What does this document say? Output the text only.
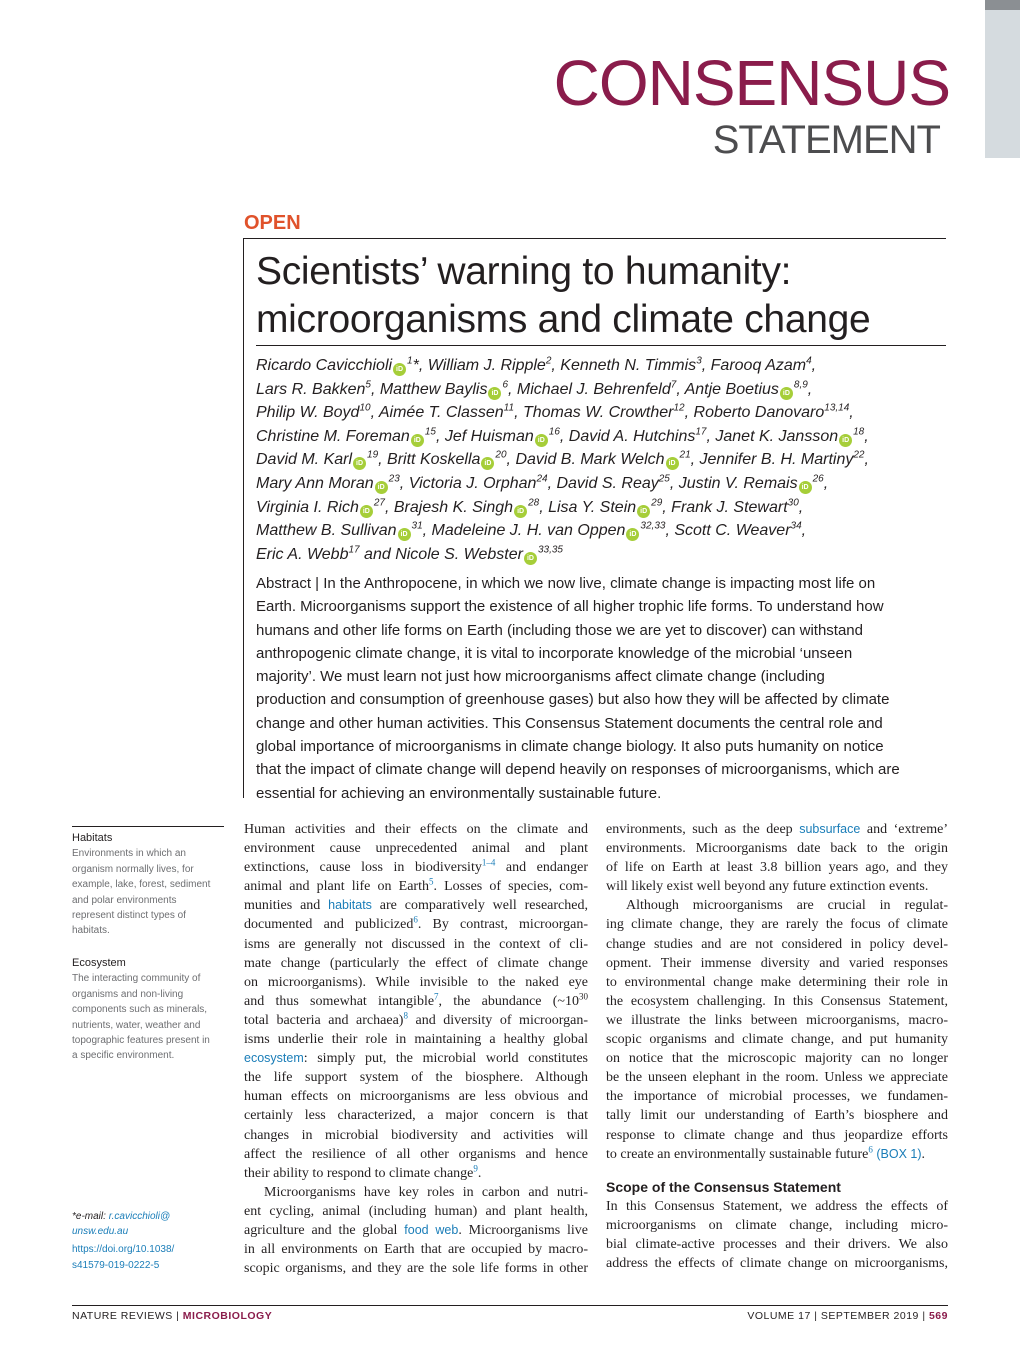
CONSENSUS
STATEMENT
OPEN
Scientists’ warning to humanity:
microorganisms and climate change
Ricardo Cavicchioli $iD^1*$, William J. Ripple$^2$, Kenneth N. Timmis$^3$, Farooq Azam$^4$,
Lars R. Bakken$^5$, Matthew Baylis $iD^6$, Michael J. Behrenfeld$^7$, Antje Boetius iD$^{8,9}$,
Philip W. Boyd$^{10}$, Aimée T. Classen$^{11}$, Thomas W. Crowther$^{12}$, Roberto Danovaro$^{13,14}$,
Christine M. Foreman $iD^{15}$, Jef Huisman $iD^{16}$, David A. Hutchins$^{17}$, Janet K. Jansson $iD^{18}$,
David M. Karl $iD^{19}$, Britt Koskella $iD^{20}$, David B. Mark Welch $iD^{21}$, Jennifer B. H. Martiny$^{22}$,
Mary Ann Moran $iD^{23}$, Victoria J. Orphan$^{24}$, David S. Reay$^{25}$, Justin V. Remais $iD^{26}$,
Virginia I. Rich $iD^{27}$, Brajesh K. Singh $iD^{28}$, Lisa Y. Stein $iD^{29}$, Frank J. Stewart$^{30}$,
Matthew B. Sullivan $iD^{31}$, Madeleine J. H. van Oppen iD$^{32,33}$, Scott C. Weaver$^{34}$,
Eric A. Webb$^{17}$ and Nicole S. Webster iD$^{33,35}$
Abstract | In the Anthropocene, in which we now live, climate change is impacting most life on
Earth. Microorganisms support the existence of all higher trophic life forms. To understand how
humans and other life forms on Earth (including those we are yet to discover) can withstand
anthropogenic climate change, it is vital to incorporate knowledge of the microbial ‘unseen
majority’. We must learn not just how microorganisms affect climate change (including
production and consumption of greenhouse gases) but also how they will be affected by climate
change and other human activities. This Consensus Statement documents the central role and
global importance of microorganisms in climate change biology. It also puts humanity on notice
that the impact of climate change will depend heavily on responses of microorganisms, which are
essential for achieving an environmentally sustainable future.
Habitats
Environments in which an
organism normally lives, for
example, lake, forest, sediment
and polar environments
represent distinct types of
habitats.
Ecosystem
The interacting community of
organisms and non-living
components such as minerals,
nutrients, water, weather and
topographic features present in
a specific environment.
*e-mail: r.cavicchioli@
unsw.edu.au
https://doi.org/10.1038/
s41579-019-0222-5
Human activities and their effects on the climate and
environment cause unprecedented animal and plant
extinctions, cause loss in biodiversity$^{1-4}$ and endanger
animal and plant life on Earth$^5$. Losses of species, com-
munities and habitats are comparatively well researched,
documented and publicized$^6$. By contrast, microorgan-
isms are generally not discussed in the context of cli-
mate change (particularly the effect of climate change
on microorganisms). While invisible to the naked eye
and thus somewhat intangible$^7$, the abundance (~10$^{30}$
total bacteria and archaea)$^8$ and diversity of microorgan-
isms underlie their role in maintaining a healthy global
ecosystem: simply put, the microbial world constitutes
the life support system of the biosphere. Although
human effects on microorganisms are less obvious and
certainly less characterized, a major concern is that
changes in microbial biodiversity and activities will
affect the resilience of all other organisms and hence
their ability to respond to climate change$^9$.
Microorganisms have key roles in carbon and nutri-
ent cycling, animal (including human) and plant health,
agriculture and the global food web. Microorganisms live
in all environments on Earth that are occupied by macro-
scopic organisms, and they are the sole life forms in other
environments, such as the deep subsurface and ‘extreme’
environments. Microorganisms date back to the origin
of life on Earth at least 3.8 billion years ago, and they
will likely exist well beyond any future extinction events.
Although microorganisms are crucial in regulat-
ing climate change, they are rarely the focus of climate
change studies and are not considered in policy devel-
opment. Their immense diversity and varied responses
to environmental change make determining their role in
the ecosystem challenging. In this Consensus Statement,
we illustrate the links between microorganisms, macro-
scopic organisms and climate change, and put humanity
on notice that the microscopic majority can no longer
be the unseen elephant in the room. Unless we appreciate
the importance of microbial processes, we fundamen-
tally limit our understanding of Earth’s biosphere and
response to climate change and thus jeopardize efforts
to create an environmentally sustainable future$^6$ (BOX 1).
Scope of the Consensus Statement
In this Consensus Statement, we address the effects of
microorganisms on climate change, including micro-
bial climate-active processes and their drivers. We also
address the effects of climate change on microorganisms,
NATURE REVIEWS | MICROBIOLOGY	VOLUME 17 | SEPTEMBER 2019 | 569
